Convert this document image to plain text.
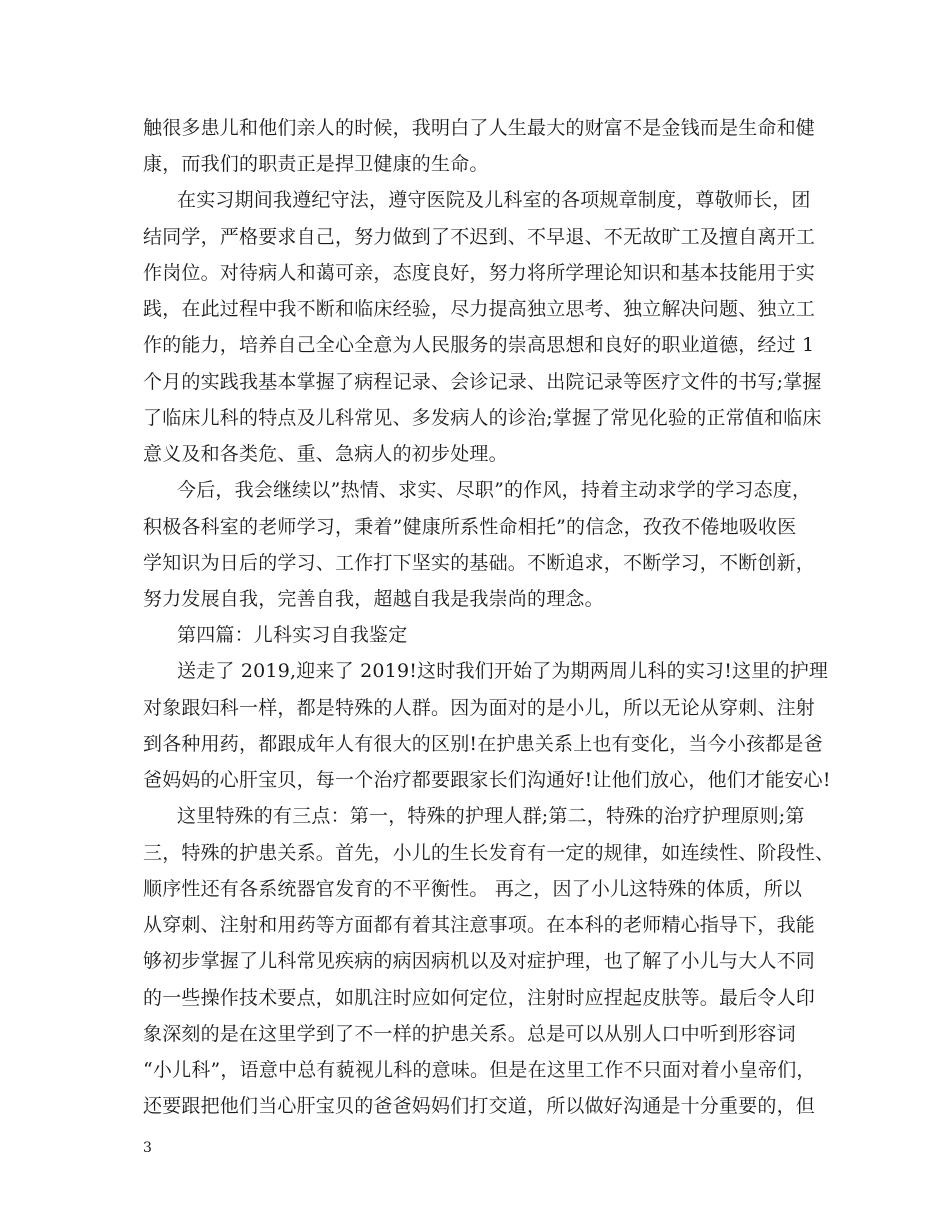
触很多患儿和他们亲人的时候，我明白了人生最大的财富不是金钱而是生命和健
康，而我们的职责正是捍卫健康的生命。
在实习期间我遵纪守法，遵守医院及儿科室的各项规章制度，尊敬师长，团
结同学，严格要求自己，努力做到了不迟到、不早退、不无故旷工及擅自离开工
作岗位。对待病人和蔼可亲，态度良好，努力将所学理论知识和基本技能用于实
践，在此过程中我不断和临床经验，尽力提高独立思考、独立解决问题、独立工
作的能力，培养自己全心全意为人民服务的崇高思想和良好的职业道德，经过 1
个月的实践我基本掌握了病程记录、会诊记录、出院记录等医疗文件的书写;掌握
了临床儿科的特点及儿科常见、多发病人的诊治;掌握了常见化验的正常值和临床
意义及和各类危、重、急病人的初步处理。
今后，我会继续以”热情、求实、尽职”的作风，持着主动求学的学习态度，
积极各科室的老师学习，秉着”健康所系性命相托”的信念，孜孜不倦地吸收医
学知识为日后的学习、工作打下坚实的基础。不断追求，不断学习，不断创新，
努力发展自我，完善自我，超越自我是我崇尚的理念。
第四篇：儿科实习自我鉴定
送走了 2019,迎来了 2019!这时我们开始了为期两周儿科的实习!这里的护理
对象跟妇科一样，都是特殊的人群。因为面对的是小儿，所以无论从穿刺、注射
到各种用药，都跟成年人有很大的区别!在护患关系上也有变化，当今小孩都是爸
爸妈妈的心肝宝贝，每一个治疗都要跟家长们沟通好!让他们放心，他们才能安心!
这里特殊的有三点：第一，特殊的护理人群;第二，特殊的治疗护理原则;第
三，特殊的护患关系。首先，小儿的生长发育有一定的规律，如连续性、阶段性、
顺序性还有各系统器官发育的不平衡性。 再之，因了小儿这特殊的体质，所以
从穿刺、注射和用药等方面都有着其注意事项。在本科的老师精心指导下，我能
够初步掌握了儿科常见疾病的病因病机以及对症护理，也了解了小儿与大人不同
的一些操作技术要点，如肌注时应如何定位，注射时应捏起皮肤等。最后令人印
象深刻的是在这里学到了不一样的护患关系。总是可以从别人口中听到形容词
“小儿科”，语意中总有藐视儿科的意味。但是在这里工作不只面对着小皇帝们，
还要跟把他们当心肝宝贝的爸爸妈妈们打交道，所以做好沟通是十分重要的，但
3
